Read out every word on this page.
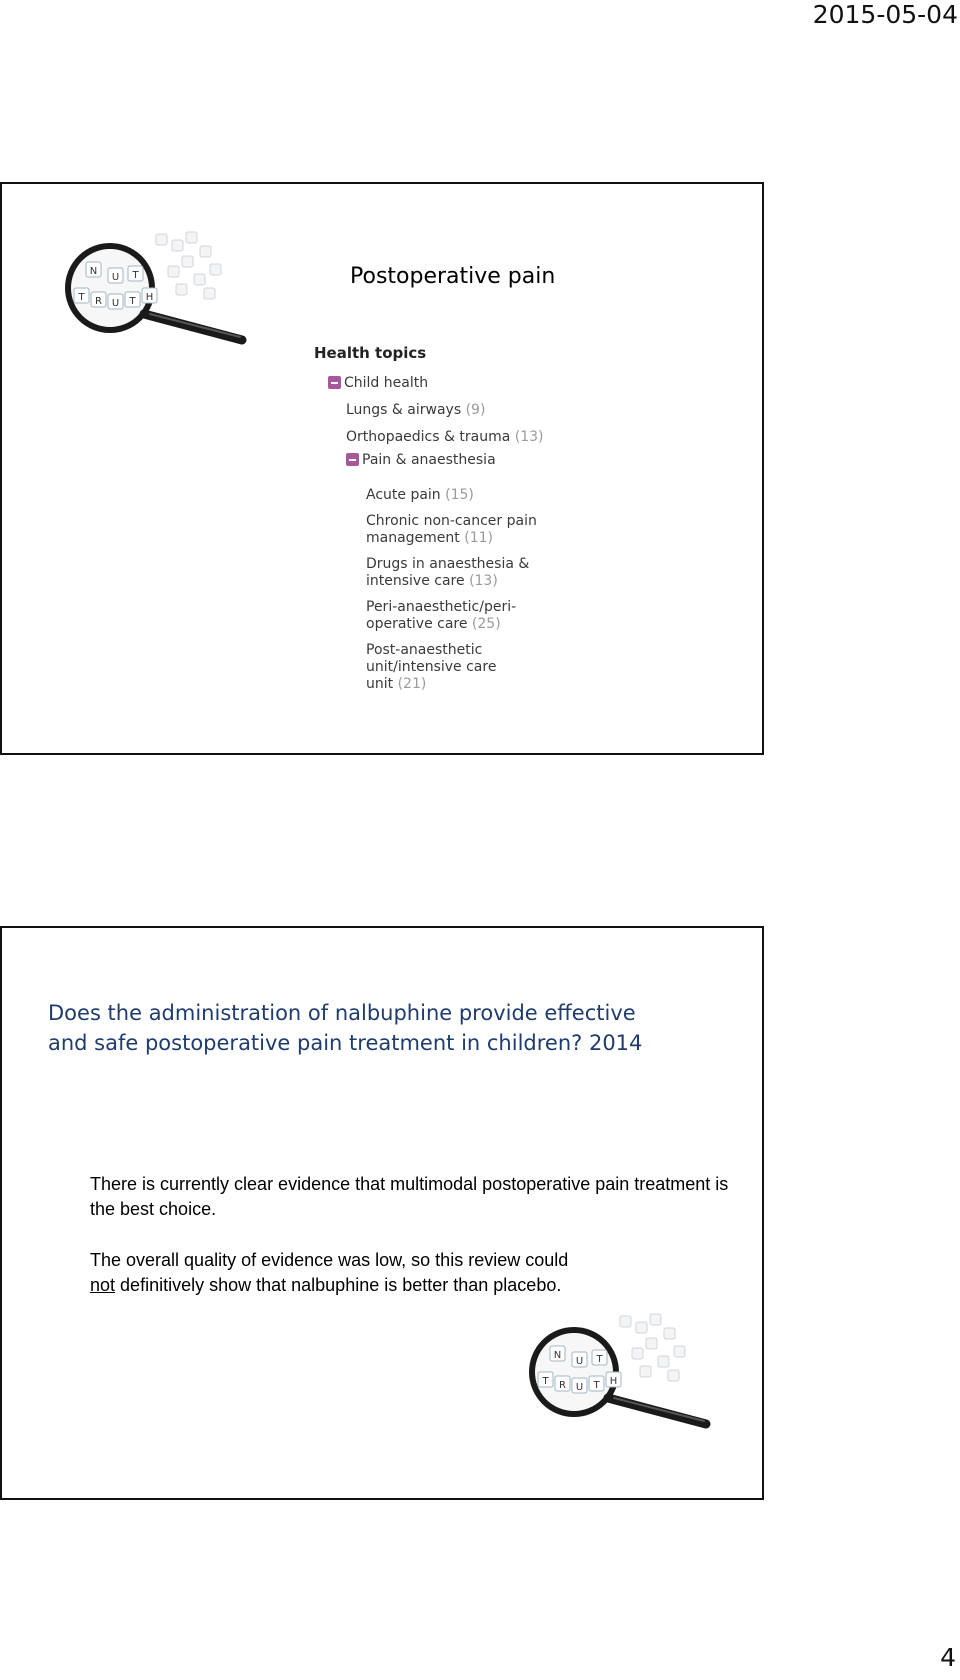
2015-05-04
T R U T H
N
U T	Postoperative pain
Health topics
Child health
Lungs & airways (9)
Orthopaedics & trauma (13)
Pain & anaesthesia
Acute pain (15)
Chronic non-cancer pain management (11)
Drugs in anaesthesia & intensive care (13)
Peri-anaesthetic/peri-operative care (25)
Post-anaesthetic unit/intensive care unit (21)
Does the administration of nalbuphine provide effective and safe postoperative pain treatment in children? 2014
There is currently clear evidence that multimodal postoperative pain treatment is the best choice.
The overall quality of evidence was low, so this review could
not definitively show that nalbuphine is better than placebo.
T R U T H
N
U T
4
